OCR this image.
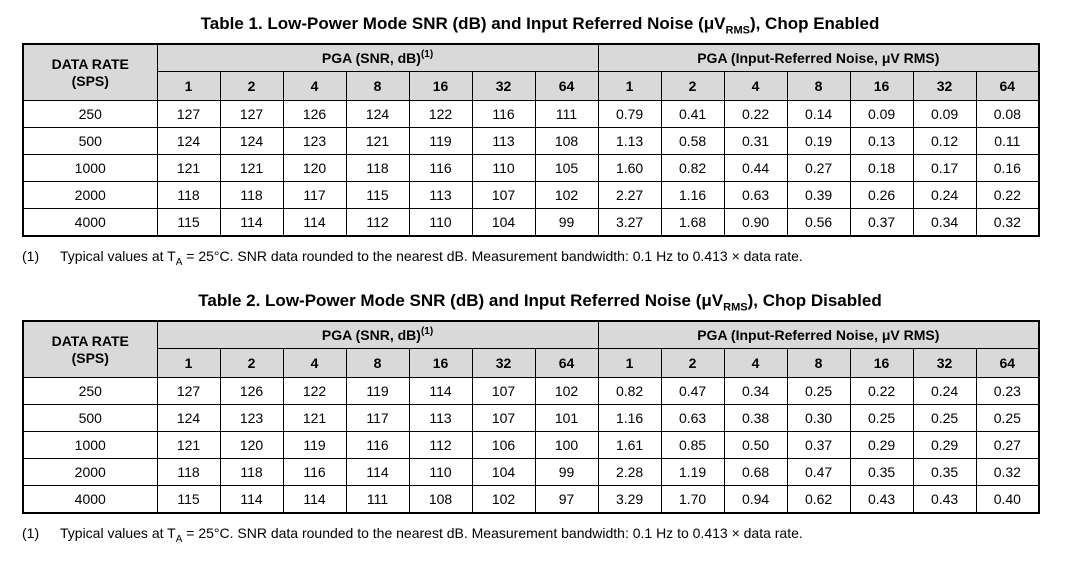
Table 1. Low-Power Mode SNR (dB) and Input Referred Noise $(\mu V_{RMS})$, Chop Enabled
DATA RATE
(SPS)	PGA (SNR, dB)$^{(1)}$							PGA (Input-Referred Noise, μV RMS)						
	1	2	4	8	16	32	64	1	2	4	8	16	32	64
250	127	127	126	124	122	116	111	0.79	0.41	0.22	0.14	0.09	0.09	0.08
500	124	124	123	121	119	113	108	1.13	0.58	0.31	0.19	0.13	0.12	0.11
1000	121	121	120	118	116	110	105	1.60	0.82	0.44	0.27	0.18	0.17	0.16
2000	118	118	117	115	113	107	102	2.27	1.16	0.63	0.39	0.26	0.24	0.22
4000	115	114	114	112	110	104	99	3.27	1.68	0.90	0.56	0.37	0.34	0.32
(1)	Typical values at $T_A = 25^\circ C$. SNR data rounded to the nearest dB. Measurement bandwidth: 0.1 Hz to 0.413 × data rate.
Table 2. Low-Power Mode SNR (dB) and Input Referred Noise $(\mu V_{RMS})$, Chop Disabled
DATA RATE
(SPS)	PGA (SNR, dB)$^{(1)}$							PGA (Input-Referred Noise, μV RMS)						
	1	2	4	8	16	32	64	1	2	4	8	16	32	64
250	127	126	122	119	114	107	102	0.82	0.47	0.34	0.25	0.22	0.24	0.23
500	124	123	121	117	113	107	101	1.16	0.63	0.38	0.30	0.25	0.25	0.25
1000	121	120	119	116	112	106	100	1.61	0.85	0.50	0.37	0.29	0.29	0.27
2000	118	118	116	114	110	104	99	2.28	1.19	0.68	0.47	0.35	0.35	0.32
4000	115	114	114	111	108	102	97	3.29	1.70	0.94	0.62	0.43	0.43	0.40
(1)	Typical values at $T_A = 25^\circ C$. SNR data rounded to the nearest dB. Measurement bandwidth: 0.1 Hz to 0.413 × data rate.
